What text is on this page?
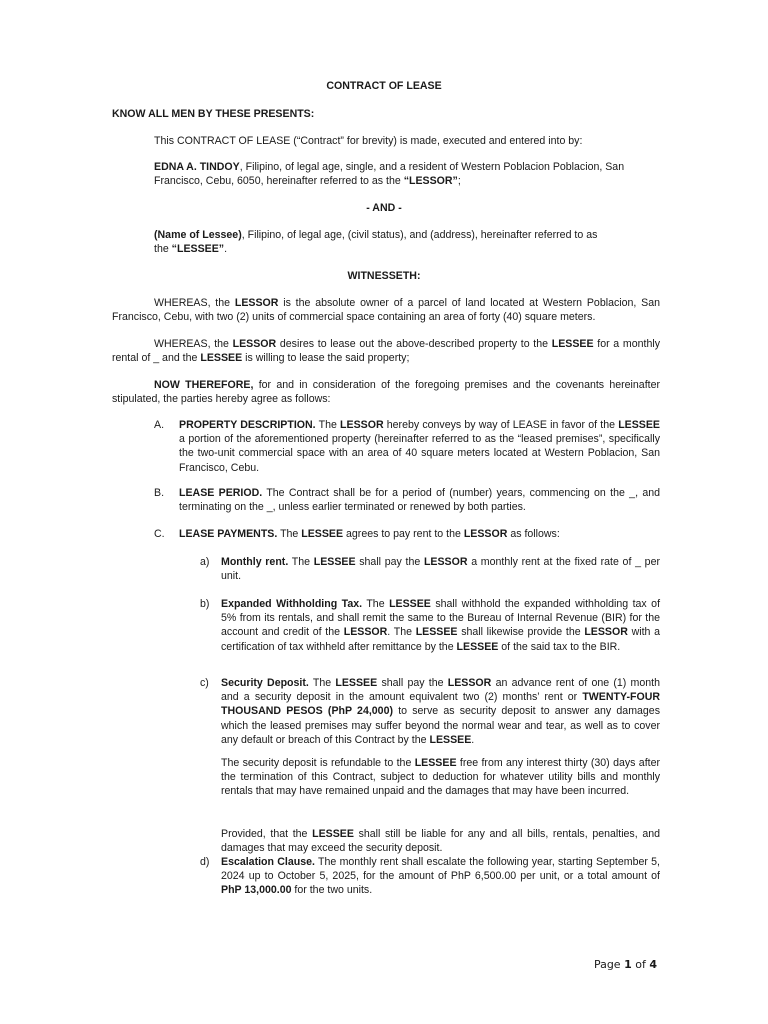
CONTRACT OF LEASE
KNOW ALL MEN BY THESE PRESENTS:
This CONTRACT OF LEASE (“Contract” for brevity) is made, executed and entered into by:
EDNA A. TINDOY, Filipino, of legal age, single, and a resident of Western Poblacion Poblacion, San Francisco, Cebu, 6050, hereinafter referred to as the “LESSOR”;
- AND -
(Name of Lessee), Filipino, of legal age, (civil status), and (address), hereinafter referred to as the “LESSEE”.
WITNESSETH:
WHEREAS, the LESSOR is the absolute owner of a parcel of land located at Western Poblacion, San Francisco, Cebu, with two (2) units of commercial space containing an area of forty (40) square meters.
WHEREAS, the LESSOR desires to lease out the above-described property to the LESSEE for a monthly rental of _ and the LESSEE is willing to lease the said property;
NOW THEREFORE, for and in consideration of the foregoing premises and the covenants hereinafter stipulated, the parties hereby agree as follows:
A. PROPERTY DESCRIPTION. The LESSOR hereby conveys by way of LEASE in favor of the LESSEE a portion of the aforementioned property (hereinafter referred to as the “leased premises”, specifically the two-unit commercial space with an area of 40 square meters located at Western Poblacion, San Francisco, Cebu.
B. LEASE PERIOD. The Contract shall be for a period of (number) years, commencing on the _, and terminating on the _, unless earlier terminated or renewed by both parties.
C. LEASE PAYMENTS. The LESSEE agrees to pay rent to the LESSOR as follows:
a) Monthly rent. The LESSEE shall pay the LESSOR a monthly rent at the fixed rate of _ per unit.
b) Expanded Withholding Tax. The LESSEE shall withhold the expanded withholding tax of 5% from its rentals, and shall remit the same to the Bureau of Internal Revenue (BIR) for the account and credit of the LESSOR. The LESSEE shall likewise provide the LESSOR with a certification of tax withheld after remittance by the LESSEE of the said tax to the BIR.
c) Security Deposit. The LESSEE shall pay the LESSOR an advance rent of one (1) month and a security deposit in the amount equivalent two (2) months’ rent or TWENTY-FOUR THOUSAND PESOS (PhP 24,000) to serve as security deposit to answer any damages which the leased premises may suffer beyond the normal wear and tear, as well as to cover any default or breach of this Contract by the LESSEE.
The security deposit is refundable to the LESSEE free from any interest thirty (30) days after the termination of this Contract, subject to deduction for whatever utility bills and monthly rentals that may have remained unpaid and the damages that may have been incurred.
Provided, that the LESSEE shall still be liable for any and all bills, rentals, penalties, and damages that may exceed the security deposit.
d) Escalation Clause. The monthly rent shall escalate the following year, starting September 5, 2024 up to October 5, 2025, for the amount of PhP 6,500.00 per unit, or a total amount of PhP 13,000.00 for the two units.
Page 1 of 4
